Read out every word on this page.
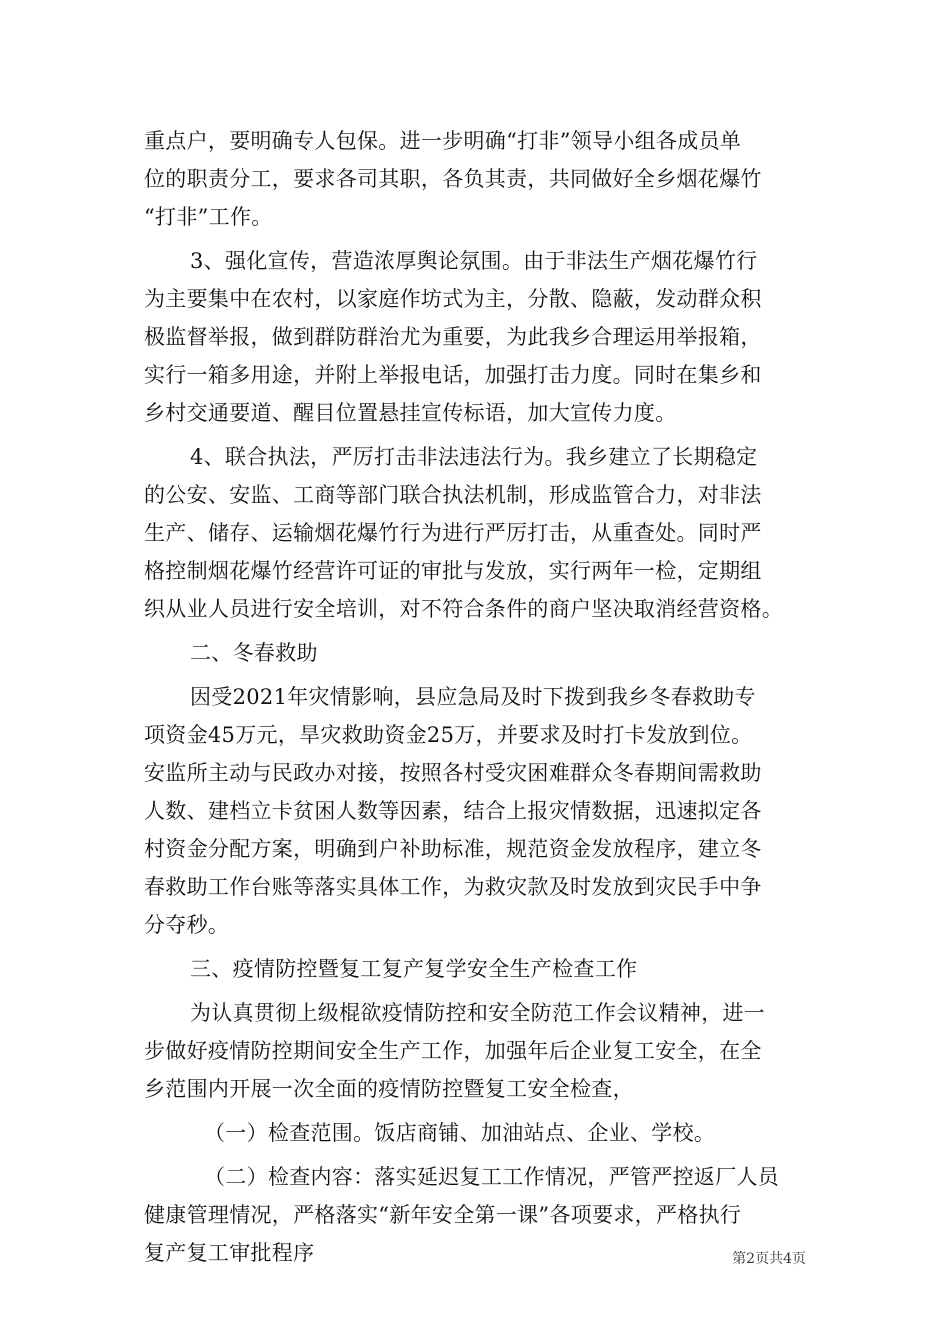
重点户，要明确专人包保。进一步明确“打非”领导小组各成员单
位的职责分工，要求各司其职，各负其责，共同做好全乡烟花爆竹
“打非”工作。
3、强化宣传，营造浓厚舆论氛围。由于非法生产烟花爆竹行
为主要集中在农村，以家庭作坊式为主，分散、隐蔽，发动群众积
极监督举报，做到群防群治尤为重要，为此我乡合理运用举报箱，
实行一箱多用途，并附上举报电话，加强打击力度。同时在集乡和
乡村交通要道、醒目位置悬挂宣传标语，加大宣传力度。
4、联合执法，严厉打击非法违法行为。我乡建立了长期稳定
的公安、安监、工商等部门联合执法机制，形成监管合力，对非法
生产、储存、运输烟花爆竹行为进行严厉打击，从重查处。同时严
格控制烟花爆竹经营许可证的审批与发放，实行两年一检，定期组
织从业人员进行安全培训，对不符合条件的商户坚决取消经营资格。
二、冬春救助
因受2021年灾情影响，县应急局及时下拨到我乡冬春救助专
项资金45万元，旱灾救助资金25万，并要求及时打卡发放到位。
安监所主动与民政办对接，按照各村受灾困难群众冬春期间需救助
人数、建档立卡贫困人数等因素，结合上报灾情数据，迅速拟定各
村资金分配方案，明确到户补助标准，规范资金发放程序，建立冬
春救助工作台账等落实具体工作，为救灾款及时发放到灾民手中争
分夺秒。
三、疫情防控暨复工复产复学安全生产检查工作
为认真贯彻上级棍欲疫情防控和安全防范工作会议精神，进一
步做好疫情防控期间安全生产工作，加强年后企业复工安全，在全
乡范围内开展一次全面的疫情防控暨复工安全检查，
（一）检查范围。饭店商铺、加油站点、企业、学校。
（二）检查内容：落实延迟复工工作情况，严管严控返厂人员
健康管理情况，严格落实“新年安全第一课”各项要求，严格执行
复产复工审批程序	第2页共4页
